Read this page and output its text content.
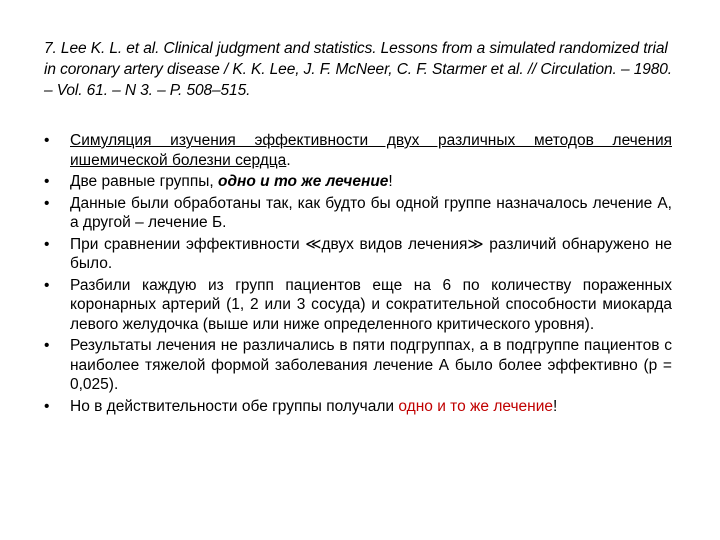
7. Lee K. L. et al. Clinical judgment and statistics. Lessons from a simulated randomized trial in coronary artery disease / K. K. Lee, J. F. McNeer, C. F. Starmer et al. // Circulation. – 1980. – Vol. 61. – N 3. – P. 508–515.
•	Симуляция изучения эффективности двух различных методов лечения ишемической болезни сердца.
•	Две равные группы, одно и то же лечение!
•	Данные были обработаны так, как будто бы одной группе назначалось лечение А, а другой – лечение Б.
•	При сравнении эффективности ≪двух видов лечения≫ различий обнаружено не было.
•	Разбили каждую из групп пациентов еще на 6 по количеству пораженных коронарных артерий (1, 2 или 3 сосуда) и сократительной способности миокарда левого желудочка (выше или ниже определенного критического уровня).
•	Результаты лечения не различались в пяти подгруппах, а в подгруппе пациентов с наиболее тяжелой формой заболевания лечение А было более эффективно (р = 0,025).
•	Но в действительности обе группы получали одно и то же лечение!
